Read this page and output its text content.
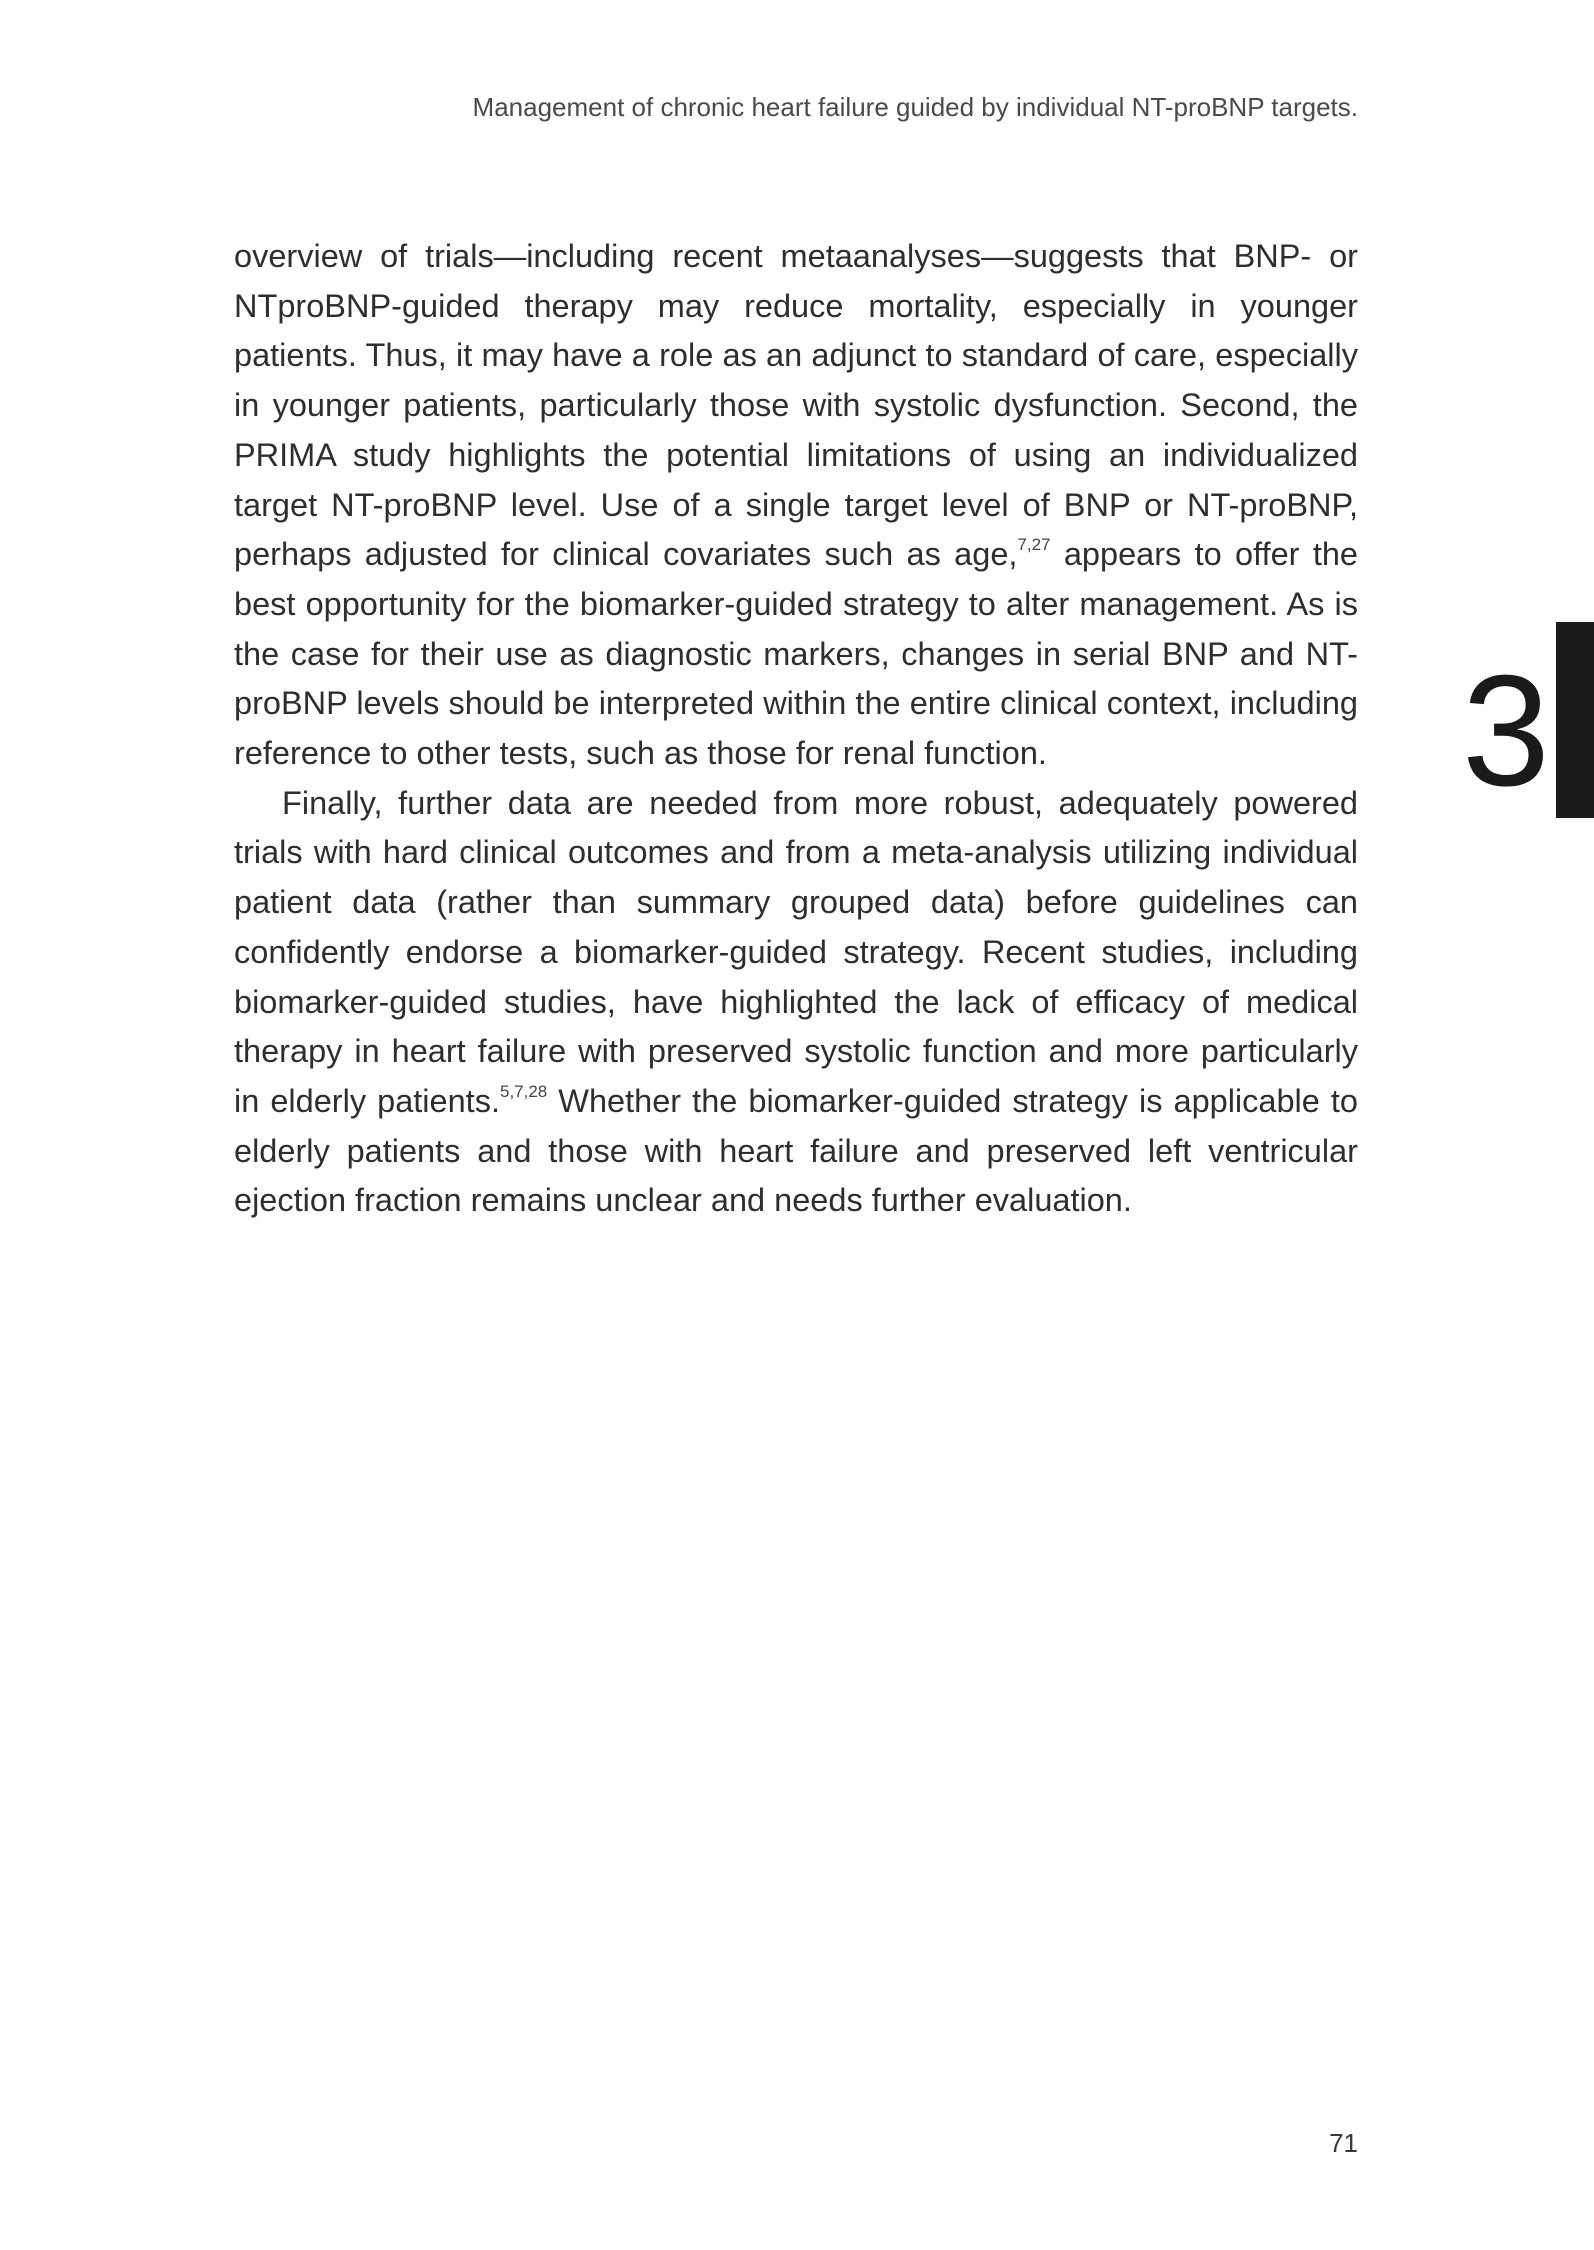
Management of chronic heart failure guided by individual NT-proBNP targets.

overview of trials—including recent metaanalyses—suggests that BNP- or NTproBNP-guided therapy may reduce mortality, especially in younger patients. Thus, it may have a role as an adjunct to standard of care, especially in younger patients, particularly those with systolic dysfunction. Second, the PRIMA study highlights the potential limitations of using an individualized target NT-proBNP level. Use of a single target level of BNP or NT-proBNP, perhaps adjusted for clinical covariates such as age,$^{7,27}$ appears to offer the best opportunity for the biomarker-guided strategy to alter management. As is the case for their use as diagnostic markers, changes in serial BNP and NT-proBNP levels should be interpreted within the entire clinical context, including reference to other tests, such as those for renal function.

Finally, further data are needed from more robust, adequately powered trials with hard clinical outcomes and from a meta-analysis utilizing individual patient data (rather than summary grouped data) before guidelines can confidently endorse a biomarker-guided strategy. Recent studies, including biomarker-guided studies, have highlighted the lack of efficacy of medical therapy in heart failure with preserved systolic function and more particularly in elderly patients.$^{5,7,28}$ Whether the biomarker-guided strategy is applicable to elderly patients and those with heart failure and preserved left ventricular ejection fraction remains unclear and needs further evaluation.

3
71
